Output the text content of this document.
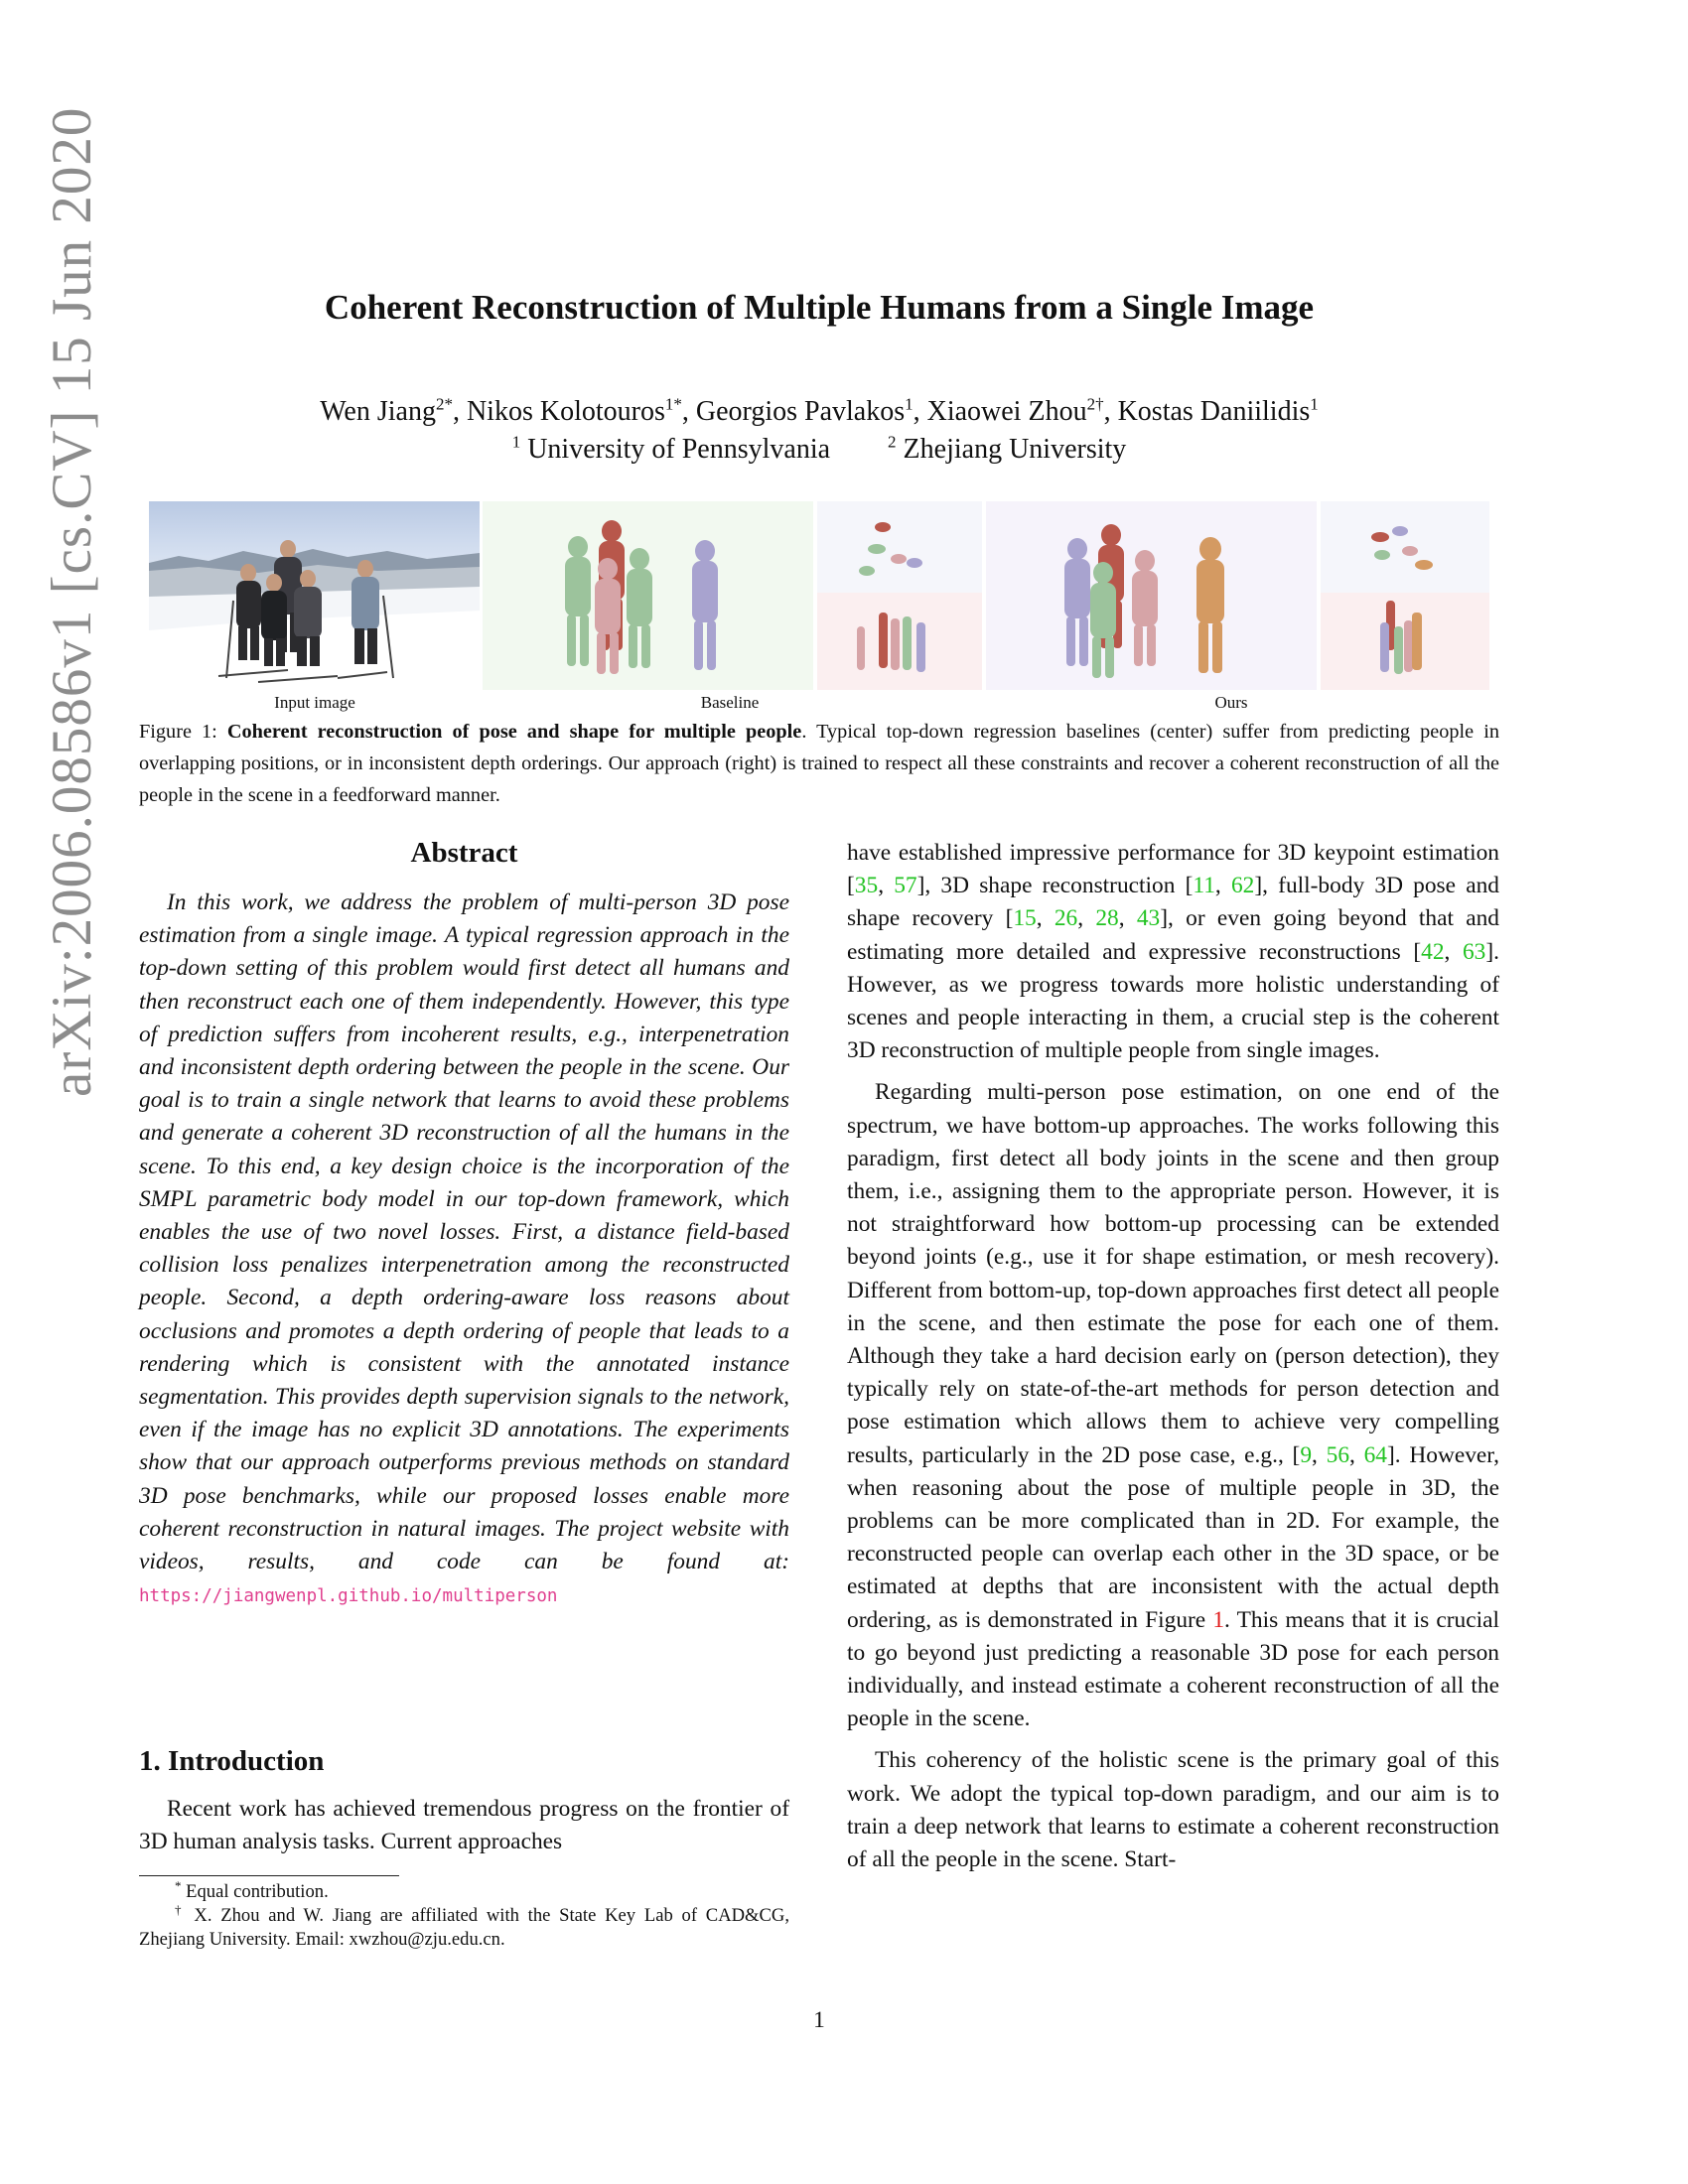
arXiv:2006.08586v1 [cs.CV] 15 Jun 2020	Coherent Reconstruction of Multiple Humans from a Single Image
Wen Jiang$^{2*}$, Nikos Kolotouros$^{1*}$, Georgios Pavlakos$^1$, Xiaowei Zhou$^{2\dagger}$, Kostas Daniilidis$^1$
$^1$ University of Pennsylvania	$^2$ Zhejiang University
Input image	Baseline	Ours
Figure 1: Coherent reconstruction of pose and shape for multiple people. Typical top-down regression baselines (center) suffer from predicting people in overlapping positions, or in inconsistent depth orderings. Our approach (right) is trained to respect all these constraints and recover a coherent reconstruction of all the people in the scene in a feedforward manner.
Abstract
In this work, we address the problem of multi-person 3D pose estimation from a single image. A typical regression approach in the top-down setting of this problem would first detect all humans and then reconstruct each one of them independently. However, this type of prediction suffers from incoherent results, e.g., interpenetration and inconsistent depth ordering between the people in the scene. Our goal is to train a single network that learns to avoid these problems and generate a coherent 3D reconstruction of all the humans in the scene. To this end, a key design choice is the incorporation of the SMPL parametric body model in our top-down framework, which enables the use of two novel losses. First, a distance field-based collision loss penalizes interpenetration among the reconstructed people. Second, a depth ordering-aware loss reasons about occlusions and promotes a depth ordering of people that leads to a rendering which is consistent with the annotated instance segmentation. This provides depth supervision signals to the network, even if the image has no explicit 3D annotations. The experiments show that our approach outperforms previous methods on standard 3D pose benchmarks, while our proposed losses enable more coherent reconstruction in natural images. The project website with videos, results, and code can be found at: https://jiangwenpl.github.io/multiperson
1. Introduction
Recent work has achieved tremendous progress on the frontier of 3D human analysis tasks. Current approaches

* Equal contribution.

† X. Zhou and W. Jiang are affiliated with the State Key Lab of CAD&CG, Zhejiang University. Email: xwzhou@zju.edu.cn.

have established impressive performance for 3D keypoint estimation [35, 57], 3D shape reconstruction [11, 62], full-body 3D pose and shape recovery [15, 26, 28, 43], or even going beyond that and estimating more detailed and expressive reconstructions [42, 63]. However, as we progress towards more holistic understanding of scenes and people interacting in them, a crucial step is the coherent 3D reconstruction of multiple people from single images.

Regarding multi-person pose estimation, on one end of the spectrum, we have bottom-up approaches. The works following this paradigm, first detect all body joints in the scene and then group them, i.e., assigning them to the appropriate person. However, it is not straightforward how bottom-up processing can be extended beyond joints (e.g., use it for shape estimation, or mesh recovery). Different from bottom-up, top-down approaches first detect all people in the scene, and then estimate the pose for each one of them. Although they take a hard decision early on (person detection), they typically rely on state-of-the-art methods for person detection and pose estimation which allows them to achieve very compelling results, particularly in the 2D pose case, e.g., [9, 56, 64]. However, when reasoning about the pose of multiple people in 3D, the problems can be more complicated than in 2D. For example, the reconstructed people can overlap each other in the 3D space, or be estimated at depths that are inconsistent with the actual depth ordering, as is demonstrated in Figure 1. This means that it is crucial to go beyond just predicting a reasonable 3D pose for each person individually, and instead estimate a coherent reconstruction of all the people in the scene.

This coherency of the holistic scene is the primary goal of this work. We adopt the typical top-down paradigm, and our aim is to train a deep network that learns to estimate a coherent reconstruction of all the people in the scene. Start-

1
